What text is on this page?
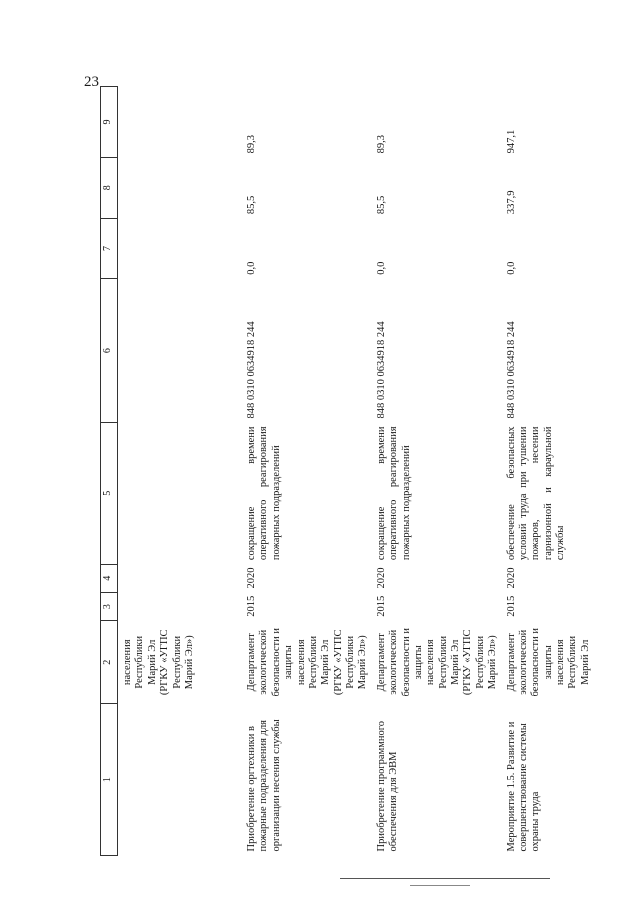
23
1	2	3	4	5	6	7	8	9
	населения Республики Марий Эл (РГКУ «УГПС Республики Марий Эл»)							
Приобретение оргтехники в пожарные подразделения для организации несения службы	Департамент экологической безопасности и защиты населения Республики Марий Эл (РГКУ «УГПС Республики Марий Эл»)	2015	2020	сокращение времени оперативного реагирования пожарных подразделений	848 0310 0634918 244	0,0	85,5	89,3
Приобретение программного обеспечения для ЭВМ	Департамент экологической безопасности и защиты населения Республики Марий Эл (РГКУ «УГПС Республики Марий Эл»)	2015	2020	сокращение времени оперативного реагирования пожарных подразделений	848 0310 0634918 244	0,0	85,5	89,3
Мероприятие 1.5. Развитие и совершенствование системы охраны труда	Департамент экологической безопасности и защиты населения Республики Марий Эл	2015	2020	обеспечение безопасных условий труда при тушении пожаров, несении гарнизонной и караульной службы	848 0310 0634918 244	0,0	337,9	947,1
